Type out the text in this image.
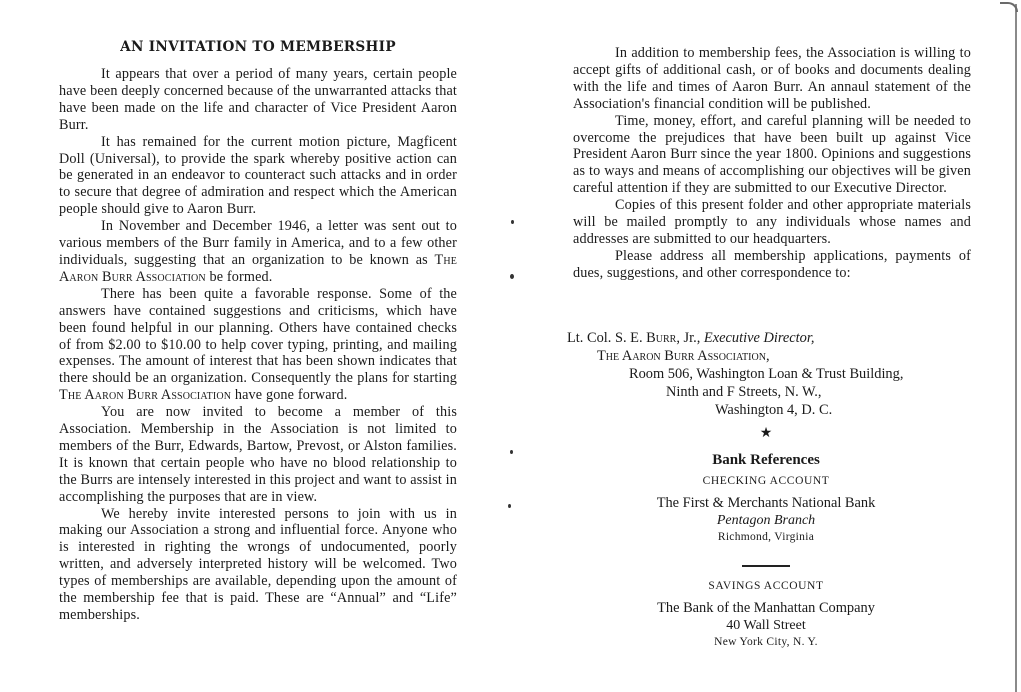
AN INVITATION TO MEMBERSHIP

It appears that over a period of many years, certain people have been deeply concerned because of the unwarranted attacks that have been made on the life and character of Vice President Aaron Burr.

It has remained for the current motion picture, Magficent Doll (Universal), to provide the spark whereby positive action can be generated in an endeavor to counteract such attacks and in order to secure that degree of admiration and respect which the American people should give to Aaron Burr.

In November and December 1946, a letter was sent out to various members of the Burr family in America, and to a few other individuals, suggesting that an organization to be known as The Aaron Burr Association be formed.

There has been quite a favorable response. Some of the answers have contained suggestions and criticisms, which have been found helpful in our planning. Others have contained checks of from $2.00 to $10.00 to help cover typing, printing, and mailing expenses. The amount of interest that has been shown indicates that there should be an organization. Consequently the plans for starting The Aaron Burr Association have gone forward.

You are now invited to become a member of this Association. Membership in the Association is not limited to members of the Burr, Edwards, Bartow, Prevost, or Alston families. It is known that certain people who have no blood relationship to the Burrs are intensely interested in this project and want to assist in accomplishing the purposes that are in view.

We hereby invite interested persons to join with us in making our Association a strong and influential force. Anyone who is interested in righting the wrongs of undocumented, poorly written, and adversely interpreted history will be welcomed. Two types of memberships are available, depending upon the amount of the membership fee that is paid. These are “Annual” and “Life” memberships.

In addition to membership fees, the Association is willing to accept gifts of additional cash, or of books and documents dealing with the life and times of Aaron Burr. An annaul statement of the Association's financial condition will be published.

Time, money, effort, and careful planning will be needed to overcome the prejudices that have been built up against Vice President Aaron Burr since the year 1800. Opinions and suggestions as to ways and means of accomplishing our objectives will be given careful attention if they are submitted to our Executive Director.

Copies of this present folder and other appropriate materials will be mailed promptly to any individuals whose names and addresses are submitted to our headquarters.

Please address all membership applications, payments of dues, suggestions, and other correspondence to:

Lt. Col. S. E. Burr, Jr., Executive Director,
The Aaron Burr Association,
Room 506, Washington Loan & Trust Building,
Ninth and F Streets, N. W.,
Washington 4, D. C.
★
Bank References
CHECKING ACCOUNT
The First & Merchants National Bank
Pentagon Branch
Richmond, Virginia
SAVINGS ACCOUNT
The Bank of the Manhattan Company
40 Wall Street
New York City, N. Y.
